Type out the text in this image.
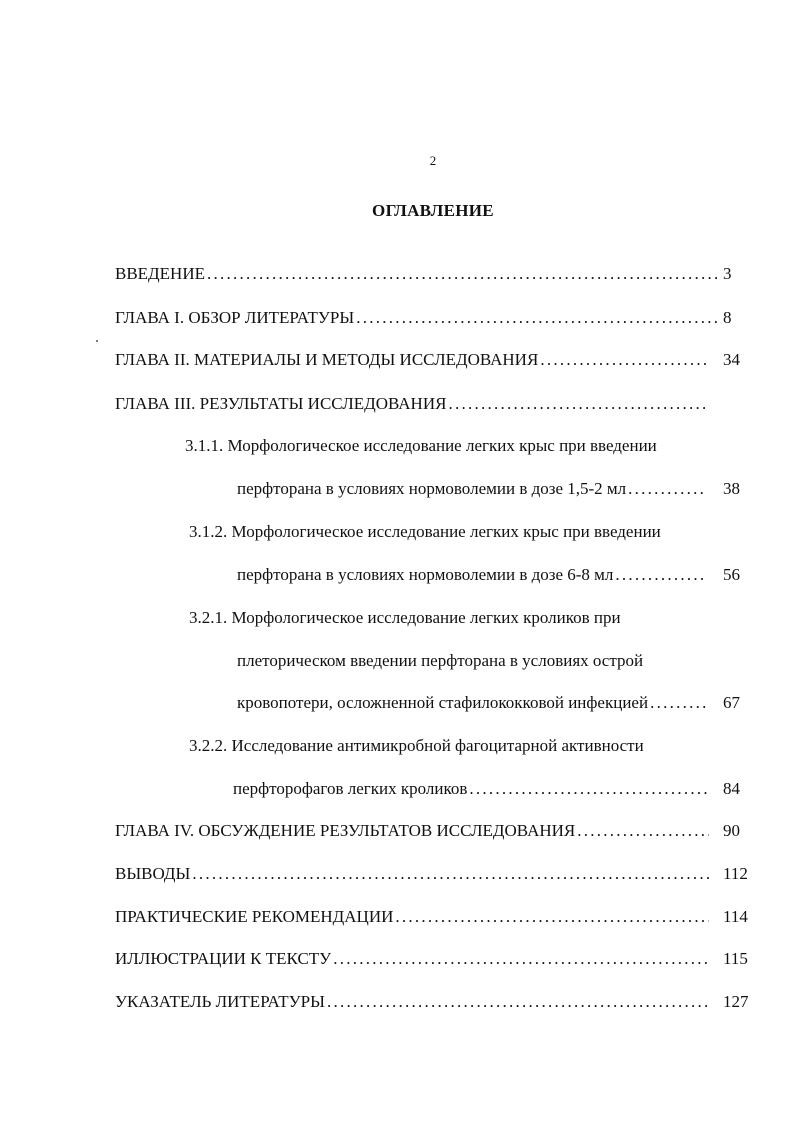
2
ОГЛАВЛЕНИЕ
ВВЕДЕНИЕ . . .	3
ГЛАВА I. ОБЗОР ЛИТЕРАТУРЫ . . .	8
ГЛАВА II. МАТЕРИАЛЫ И МЕТОДЫ ИССЛЕДОВАНИЯ . . .	34
ГЛАВА III. РЕЗУЛЬТАТЫ ИССЛЕДОВАНИЯ
. . .
3.1.1. Морфологическое исследование легких крыс при введении
перфторана в условиях нормоволемии в дозе 1,5-2 мл . . .	38
3.1.2. Морфологическое исследование легких крыс при введении
перфторана в условиях нормоволемии в дозе 6-8 мл . . .	56
3.2.1. Морфологическое исследование легких кроликов при
плеторическом введении перфторана в условиях острой
кровопотери, осложненной стафилококковой инфекцией . . .	67
3.2.2. Исследование антимикробной фагоцитарной активности
перфторофагов легких кроликов . . .	84
ГЛАВА IV. ОБСУЖДЕНИЕ РЕЗУЛЬТАТОВ ИССЛЕДОВАНИЯ . . .	90
ВЫВОДЫ . . .	112
ПРАКТИЧЕСКИЕ РЕКОМЕНДАЦИИ . . .	114
ИЛЛЮСТРАЦИИ К ТЕКСТУ . . .	115
УКАЗАТЕЛЬ ЛИТЕРАТУРЫ . . .	127
